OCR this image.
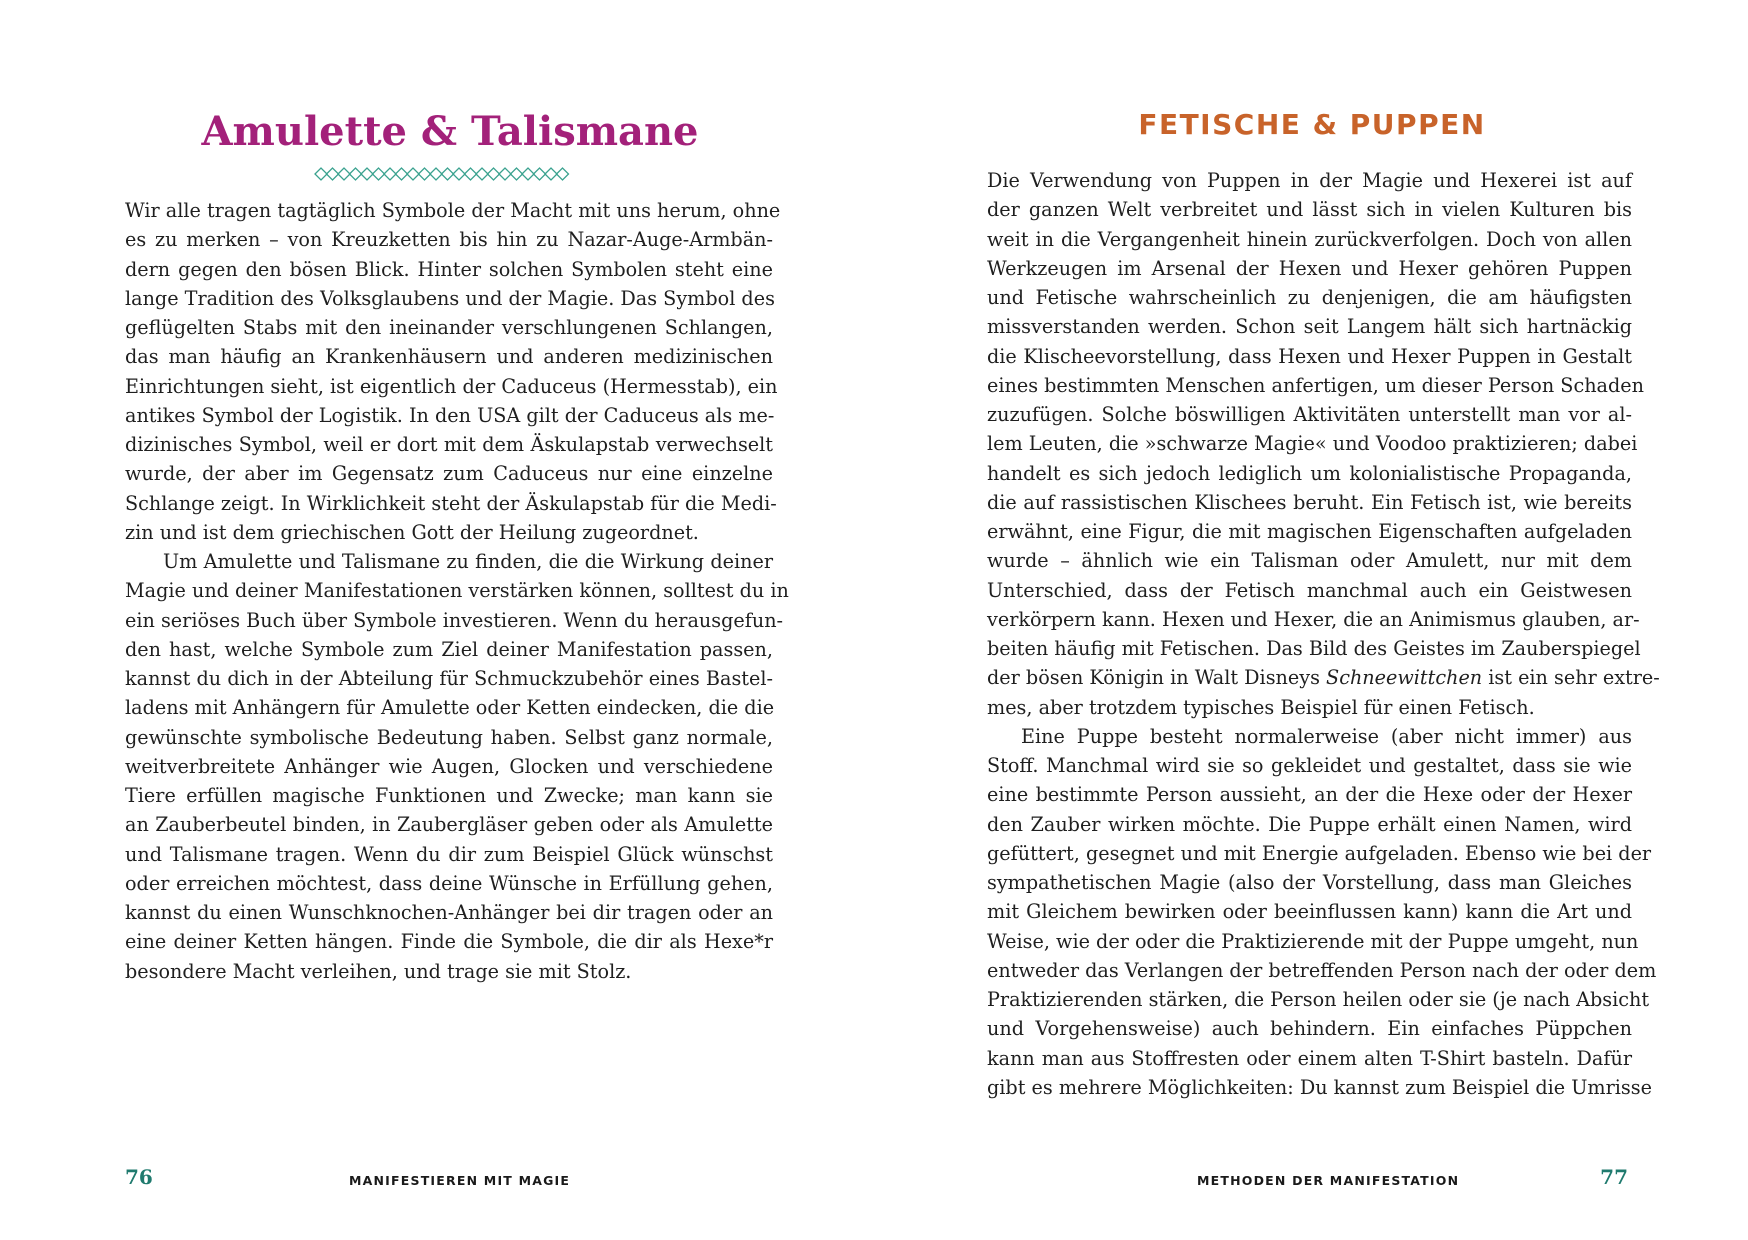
Amulette & Talismane

Wir alle tragen tagtäglich Symbole der Macht mit uns herum, ohne
es zu merken – von Kreuzketten bis hin zu Nazar-Auge-Armbän-
dern gegen den bösen Blick. Hinter solchen Symbolen steht eine
lange Tradition des Volksglaubens und der Magie. Das Symbol des
geflügelten Stabs mit den ineinander verschlungenen Schlangen,
das man häufig an Krankenhäusern und anderen medizinischen
Einrichtungen sieht, ist eigentlich der Caduceus (Hermesstab), ein
antikes Symbol der Logistik. In den USA gilt der Caduceus als me-
dizinisches Symbol, weil er dort mit dem Äskulapstab verwechselt
wurde, der aber im Gegensatz zum Caduceus nur eine einzelne
Schlange zeigt. In Wirklichkeit steht der Äskulapstab für die Medi-
zin und ist dem griechischen Gott der Heilung zugeordnet.

Um Amulette und Talismane zu finden, die die Wirkung deiner
Magie und deiner Manifestationen verstärken können, solltest du in
ein seriöses Buch über Symbole investieren. Wenn du herausgefun-
den hast, welche Symbole zum Ziel deiner Manifestation passen,
kannst du dich in der Abteilung für Schmuckzubehör eines Bastel-
ladens mit Anhängern für Amulette oder Ketten eindecken, die die
gewünschte symbolische Bedeutung haben. Selbst ganz normale,
weitverbreitete Anhänger wie Augen, Glocken und verschiedene
Tiere erfüllen magische Funktionen und Zwecke; man kann sie
an Zauberbeutel binden, in Zaubergläser geben oder als Amulette
und Talismane tragen. Wenn du dir zum Beispiel Glück wünschst
oder erreichen möchtest, dass deine Wünsche in Erfüllung gehen,
kannst du einen Wunschknochen-Anhänger bei dir tragen oder an
eine deiner Ketten hängen. Finde die Symbole, die dir als Hexe*r
besondere Macht verleihen, und trage sie mit Stolz.

76	MANIFESTIEREN MIT MAGIE
FETISCHE & PUPPEN

Die Verwendung von Puppen in der Magie und Hexerei ist auf
der ganzen Welt verbreitet und lässt sich in vielen Kulturen bis
weit in die Vergangenheit hinein zurückverfolgen. Doch von allen
Werkzeugen im Arsenal der Hexen und Hexer gehören Puppen
und Fetische wahrscheinlich zu denjenigen, die am häufigsten
missverstanden werden. Schon seit Langem hält sich hartnäckig
die Klischeevorstellung, dass Hexen und Hexer Puppen in Gestalt
eines bestimmten Menschen anfertigen, um dieser Person Schaden
zuzufügen. Solche böswilligen Aktivitäten unterstellt man vor al-
lem Leuten, die »schwarze Magie« und Voodoo praktizieren; dabei
handelt es sich jedoch lediglich um kolonialistische Propaganda,
die auf rassistischen Klischees beruht. Ein Fetisch ist, wie bereits
erwähnt, eine Figur, die mit magischen Eigenschaften aufgeladen
wurde – ähnlich wie ein Talisman oder Amulett, nur mit dem
Unterschied, dass der Fetisch manchmal auch ein Geistwesen
verkörpern kann. Hexen und Hexer, die an Animismus glauben, ar-
beiten häufig mit Fetischen. Das Bild des Geistes im Zauberspiegel
der bösen Königin in Walt Disneys Schneewittchen ist ein sehr extre-
mes, aber trotzdem typisches Beispiel für einen Fetisch.

Eine Puppe besteht normalerweise (aber nicht immer) aus
Stoff. Manchmal wird sie so gekleidet und gestaltet, dass sie wie
eine bestimmte Person aussieht, an der die Hexe oder der Hexer
den Zauber wirken möchte. Die Puppe erhält einen Namen, wird
gefüttert, gesegnet und mit Energie aufgeladen. Ebenso wie bei der
sympathetischen Magie (also der Vorstellung, dass man Gleiches
mit Gleichem bewirken oder beeinflussen kann) kann die Art und
Weise, wie der oder die Praktizierende mit der Puppe umgeht, nun
entweder das Verlangen der betreffenden Person nach der oder dem
Praktizierenden stärken, die Person heilen oder sie (je nach Absicht
und Vorgehensweise) auch behindern. Ein einfaches Püppchen
kann man aus Stoffresten oder einem alten T-Shirt basteln. Dafür
gibt es mehrere Möglichkeiten: Du kannst zum Beispiel die Umrisse

METHODEN DER MANIFESTATION	77
